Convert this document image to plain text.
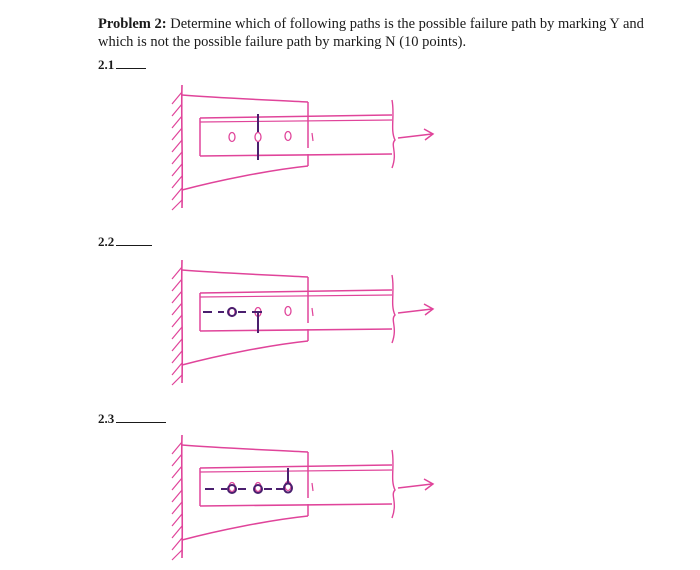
Problem 2: Determine which of following paths is the possible failure path by marking Y and which is not the possible failure path by marking N (10 points).
2.1
2.2
2.3
